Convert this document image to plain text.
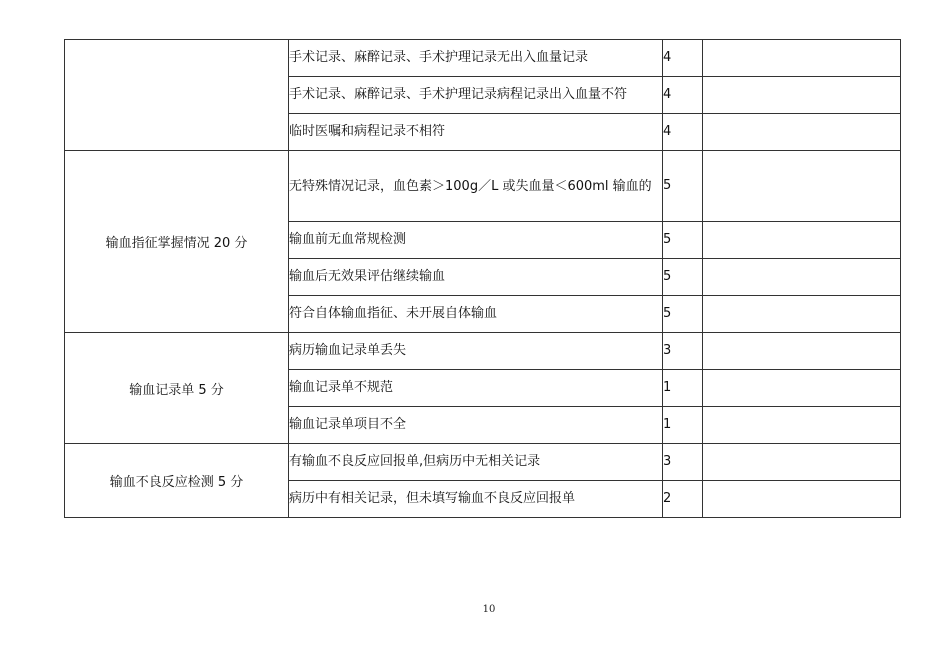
	手术记录、麻醉记录、手术护理记录无出入血量记录	4	
	手术记录、麻醉记录、手术护理记录病程记录出入血量不符	4	
	临时医嘱和病程记录不相符	4	
输血指征掌握情况 20 分	无特殊情况记录，血色素＞100g／L 或失血量＜600ml 输血的	5	
	输血前无血常规检测	5	
	输血后无效果评估继续输血	5	
	符合自体输血指征、未开展自体输血	5	
输血记录单 5 分	病历输血记录单丢失	3	
	输血记录单不规范	1	
	输血记录单项目不全	1	
输血不良反应检测 5 分	有输血不良反应回报单,但病历中无相关记录	3	
	病历中有相关记录，但未填写输血不良反应回报单	2	
10
